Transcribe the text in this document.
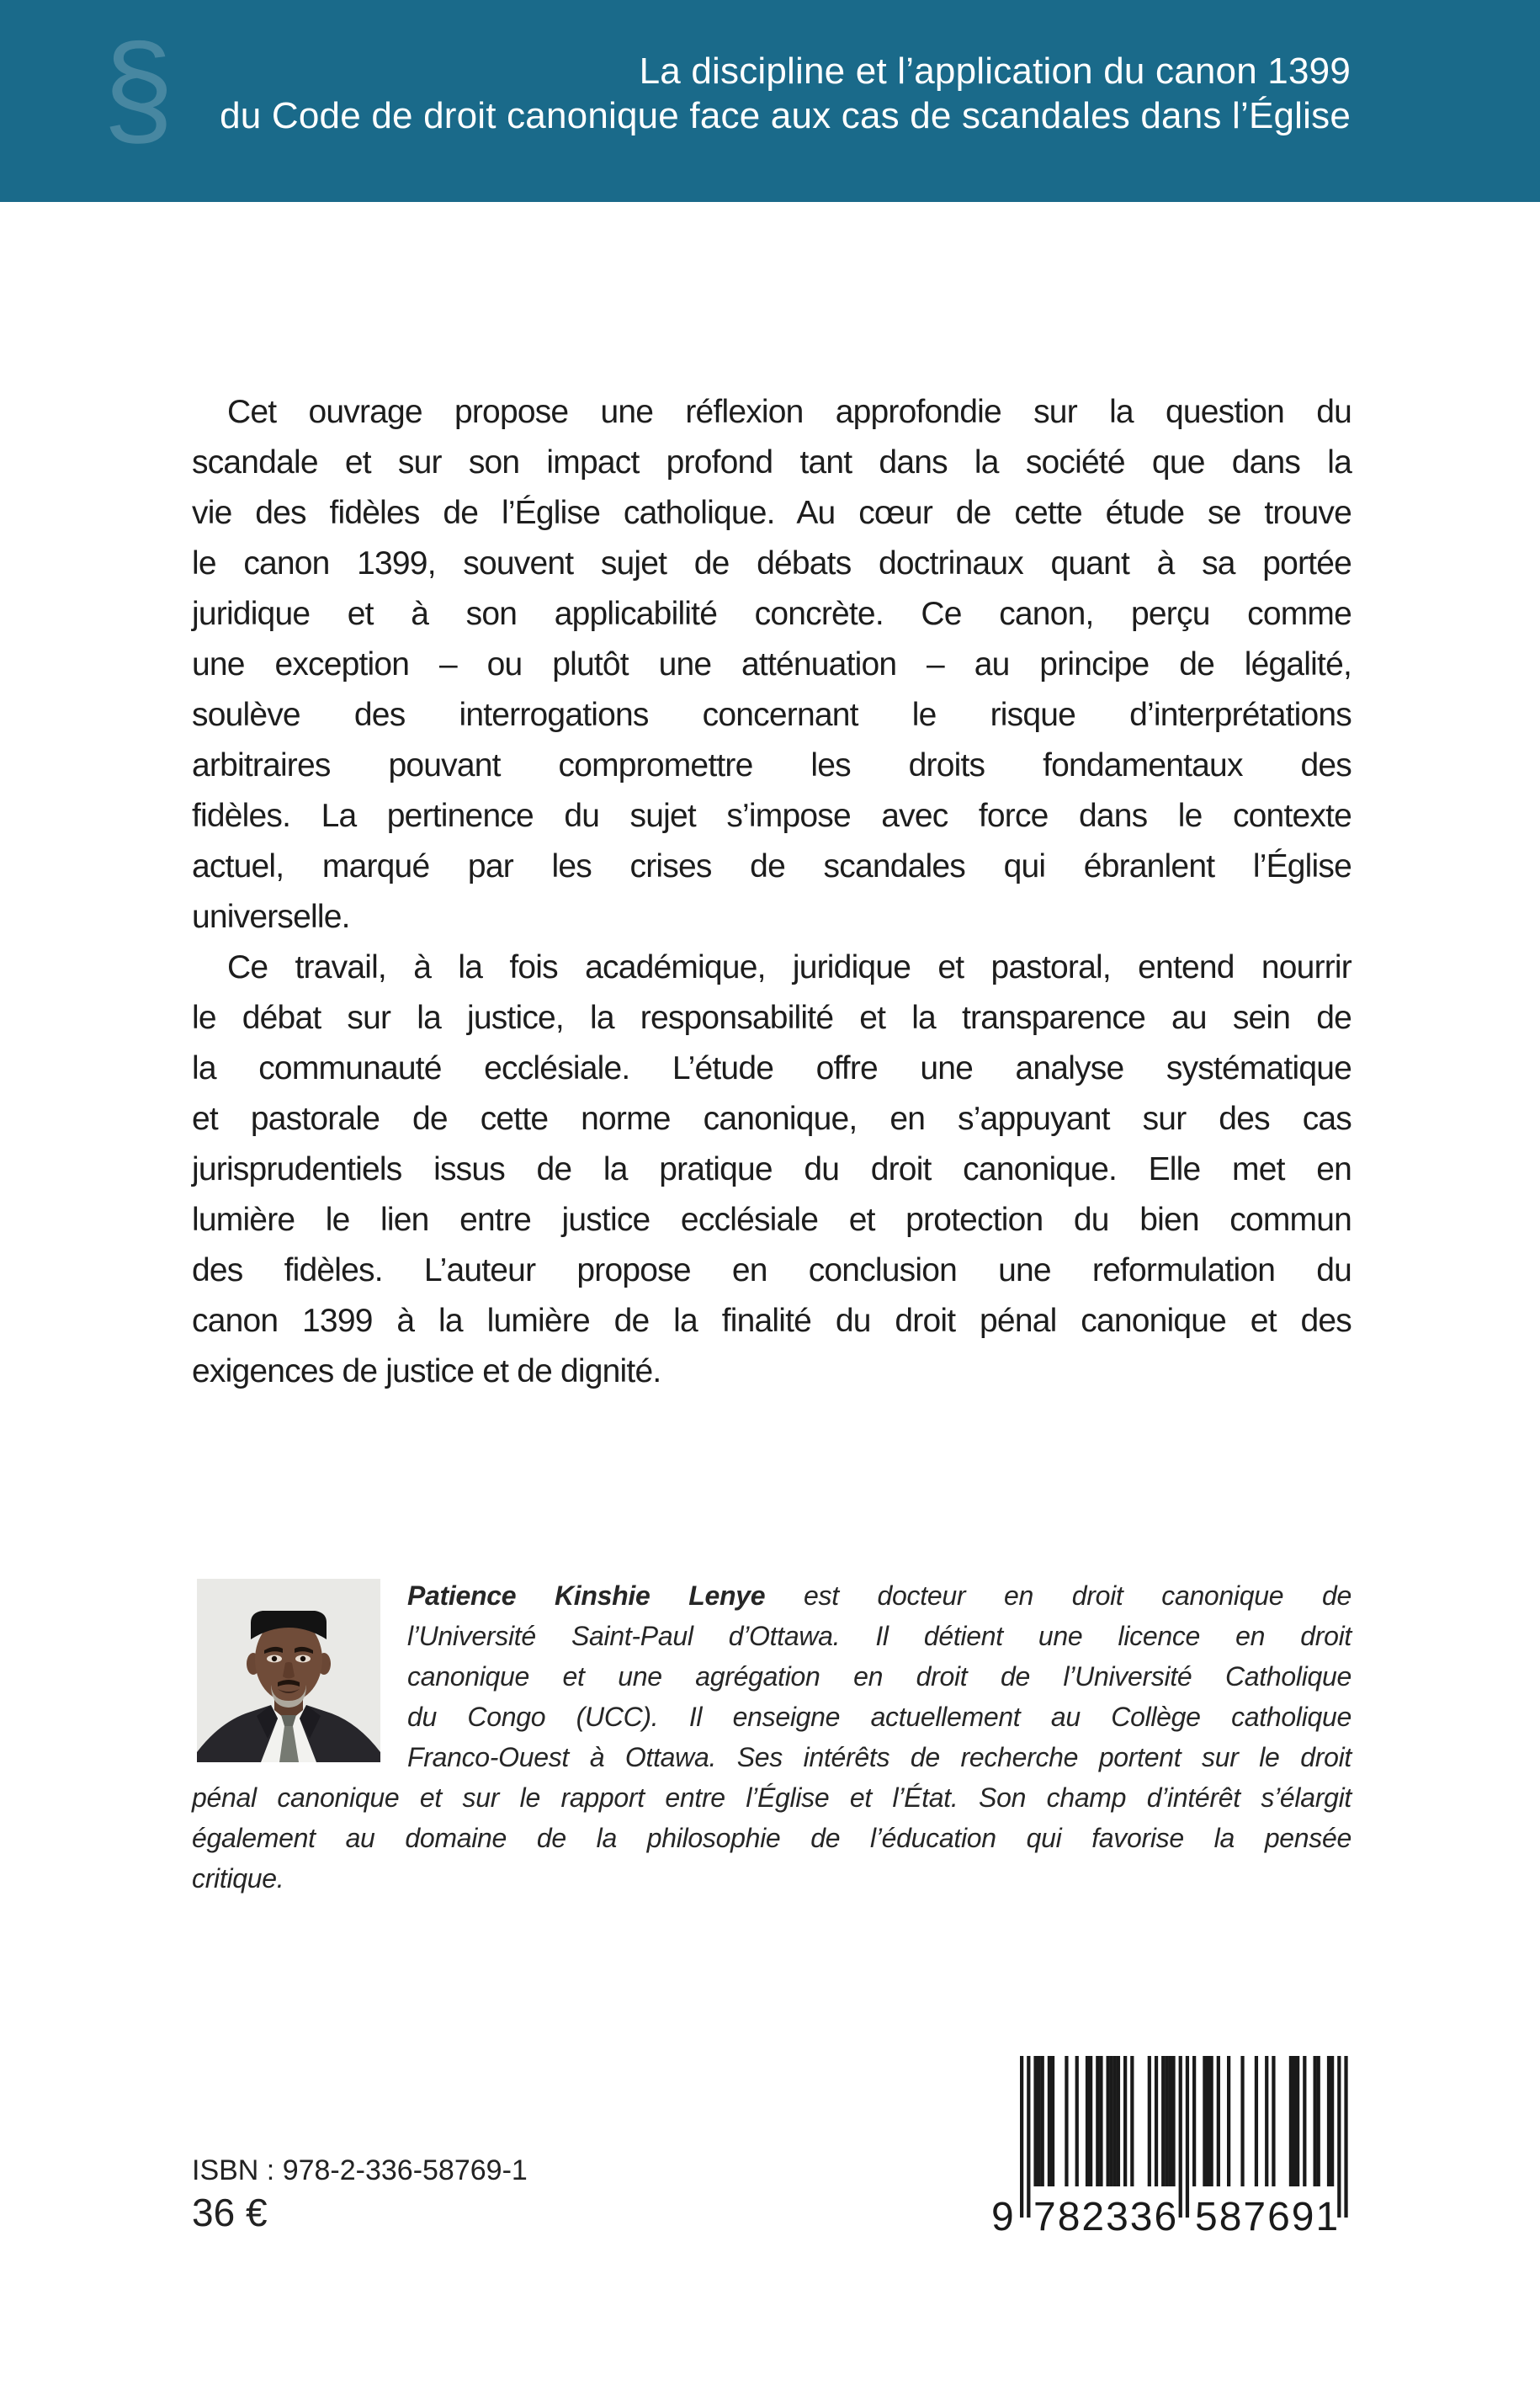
§	La discipline et l’application du canon 1399
du Code de droit canonique face aux cas de scandales dans l’Église
Cet ouvrage propose une réflexion approfondie sur la question du
scandale et sur son impact profond tant dans la société que dans la
vie des fidèles de l’Église catholique. Au cœur de cette étude se trouve
le canon 1399, souvent sujet de débats doctrinaux quant à sa portée
juridique et à son applicabilité concrète. Ce canon, perçu comme
une exception – ou plutôt une atténuation – au principe de légalité,
soulève des interrogations concernant le risque d’interprétations
arbitraires pouvant compromettre les droits fondamentaux des
fidèles. La pertinence du sujet s’impose avec force dans le contexte
actuel, marqué par les crises de scandales qui ébranlent l’Église
universelle.
Ce travail, à la fois académique, juridique et pastoral, entend nourrir
le débat sur la justice, la responsabilité et la transparence au sein de
la communauté ecclésiale. L’étude offre une analyse systématique
et pastorale de cette norme canonique, en s’appuyant sur des cas
jurisprudentiels issus de la pratique du droit canonique. Elle met en
lumière le lien entre justice ecclésiale et protection du bien commun
des fidèles. L’auteur propose en conclusion une reformulation du
canon 1399 à la lumière de la finalité du droit pénal canonique et des
exigences de justice et de dignité.
Patience Kinshie Lenye est docteur en droit canonique de
l’Université Saint-Paul d’Ottawa. Il détient une licence en droit
canonique et une agrégation en droit de l’Université Catholique
du Congo (UCC). Il enseigne actuellement au Collège catholique
Franco-Ouest à Ottawa. Ses intérêts de recherche portent sur le droit
pénal canonique et sur le rapport entre l’Église et l’État. Son champ d’intérêt s’élargit
également au domaine de la philosophie de l’éducation qui favorise la pensée
critique.
ISBN : 978-2-336-58769-1
36 €	9 782336 587691
